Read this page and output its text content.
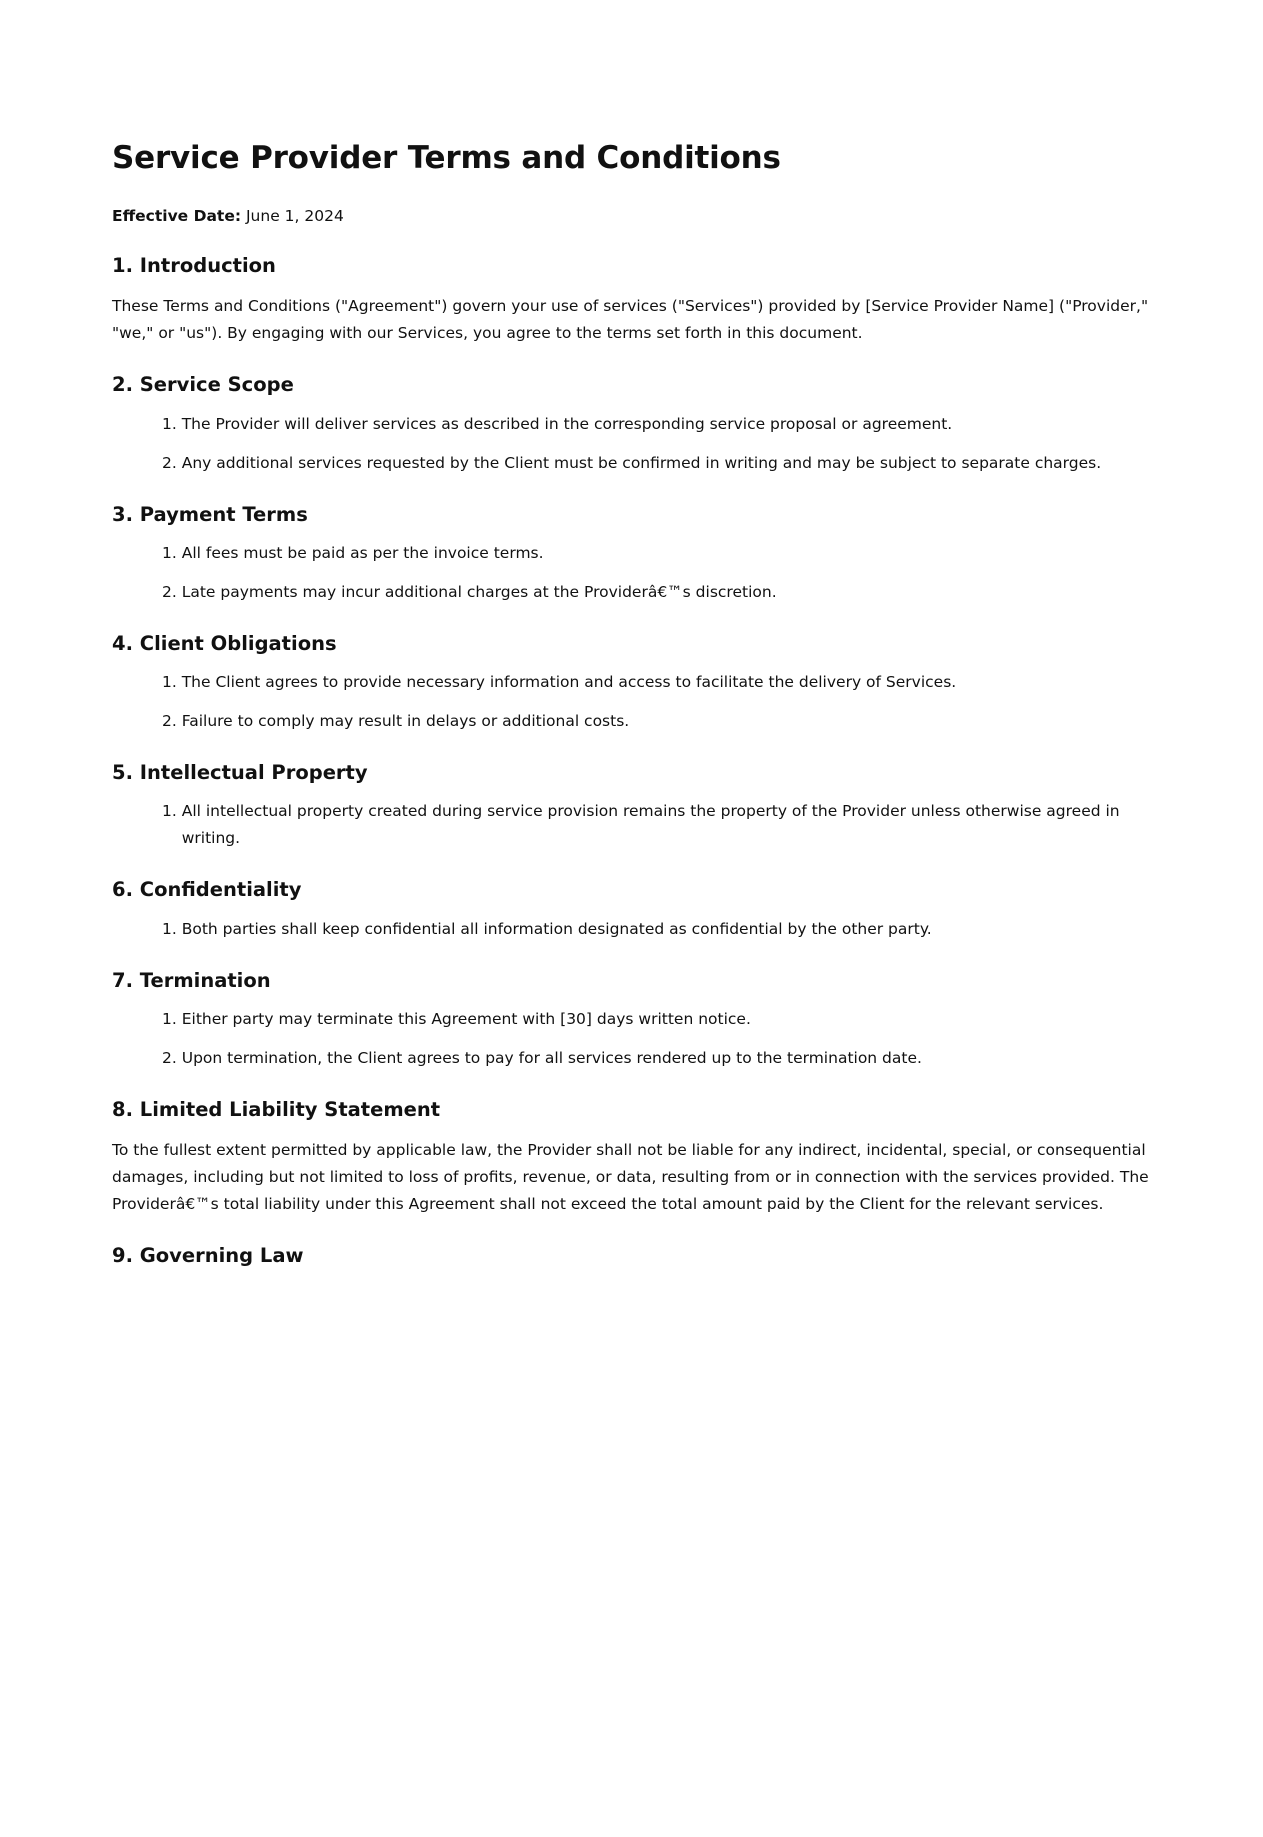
Service Provider Terms and Conditions

Effective Date: June 1, 2024

1. Introduction

These Terms and Conditions ("Agreement") govern your use of services ("Services") provided by [Service Provider Name] ("Provider," "we," or "us"). By engaging with our Services, you agree to the terms set forth in this document.

2. Service Scope
1. The Provider will deliver services as described in the corresponding service proposal or agreement.
2. Any additional services requested by the Client must be confirmed in writing and may be subject to separate charges.
3. Payment Terms
1. All fees must be paid as per the invoice terms.
2. Late payments may incur additional charges at the Providerâ€™s discretion.
4. Client Obligations
1. The Client agrees to provide necessary information and access to facilitate the delivery of Services.
2. Failure to comply may result in delays or additional costs.
5. Intellectual Property
1. All intellectual property created during service provision remains the property of the Provider unless otherwise agreed in writing.
6. Confidentiality
1. Both parties shall keep confidential all information designated as confidential by the other party.
7. Termination
1. Either party may terminate this Agreement with [30] days written notice.
2. Upon termination, the Client agrees to pay for all services rendered up to the termination date.
8. Limited Liability Statement

To the fullest extent permitted by applicable law, the Provider shall not be liable for any indirect, incidental, special, or consequential damages, including but not limited to loss of profits, revenue, or data, resulting from or in connection with the services provided. The Providerâ€™s total liability under this Agreement shall not exceed the total amount paid by the Client for the relevant services.

9. Governing Law
